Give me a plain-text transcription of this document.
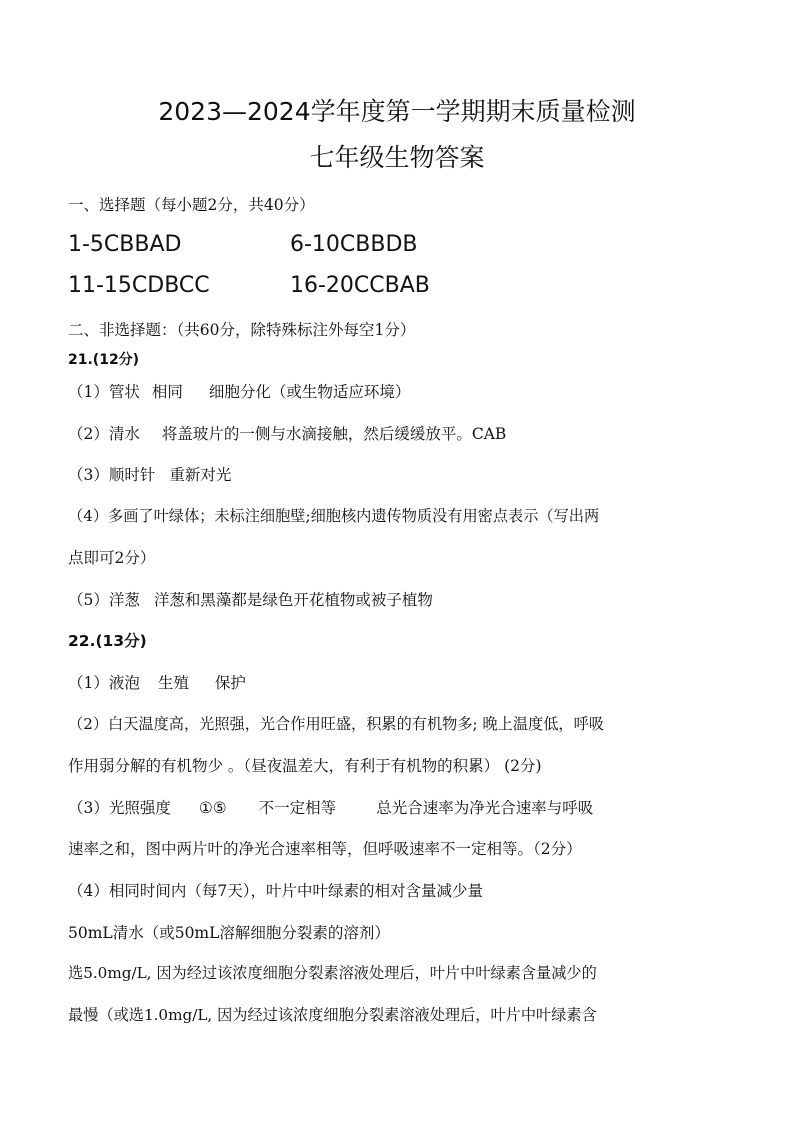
2023—2024学年度第一学期期末质量检测
七年级生物答案
一、选择题（每小题2分，共40分）
1-5CBBAD	6-10CBBDB
11-15CDBCC	16-20CCBAB
二、非选择题：（共60分，除特殊标注外每空1分）
21.(12分)
（1）管状 相同 细胞分化（或生物适应环境）
（2）清水 将盖玻片的一侧与水滴接触，然后缓缓放平。CAB
（3）顺时针 重新对光
（4）多画了叶绿体；未标注细胞壁;细胞核内遗传物质没有用密点表示（写出两
点即可2分）
（5）洋葱 洋葱和黑藻都是绿色开花植物或被子植物
22.(13分)
（1）液泡 生殖 保护
（2）白天温度高，光照强，光合作用旺盛，积累的有机物多; 晚上温度低，呼吸
作用弱分解的有机物少 。（昼夜温差大，有利于有机物的积累） (2分)
（3）光照强度 ①⑤ 不一定相等	总光合速率为净光合速率与呼吸
速率之和，图中两片叶的净光合速率相等，但呼吸速率不一定相等。（2分）
（4）相同时间内（每7天），叶片中叶绿素的相对含量减少量
50mL清水（或50mL溶解细胞分裂素的溶剂）
选5.0mg/L, 因为经过该浓度细胞分裂素溶液处理后，叶片中叶绿素含量减少的
最慢（或选1.0mg/L, 因为经过该浓度细胞分裂素溶液处理后，叶片中叶绿素含
